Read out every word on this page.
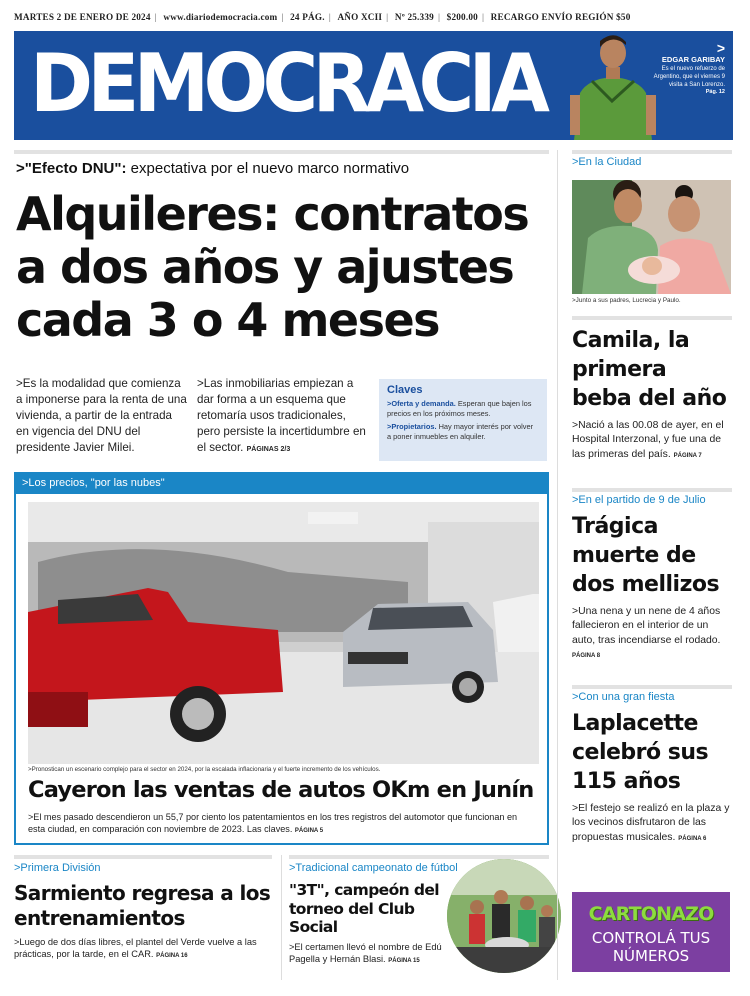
MARTES 2 DE ENERO DE 2024 | www.diariodemocracia.com | 24 PÁG. | AÑO XCII | Nº 25.339 | $200.00 | RECARGO ENVÍO REGIÓN $50
DEMOCRACIA	>
EDGAR GARIBAY
Es el nuevo refuerzo de Argentino, que el viernes 9 visita a San Lorenzo.
Pág. 12
>"Efecto DNU": expectativa por el nuevo marco normativo
Alquileres: contratos a dos años y ajustes cada 3 o 4 meses
>Es la modalidad que comienza a imponerse para la renta de una vivienda, a partir de la entrada en vigencia del DNU del presidente Javier Milei.
>Las inmobiliarias empiezan a dar forma a un esquema que retomaría usos tradicionales, pero persiste la incertidumbre en el sector. PÁGINAS 2/3
Claves

>Oferta y demanda. Esperan que bajen los precios en los próximos meses.

>Propietarios. Hay mayor interés por volver a poner inmuebles en alquiler.

>Los precios, "por las nubes"
>Pronostican un escenario complejo para el sector en 2024, por la escalada inflacionaria y el fuerte incremento de los vehículos.
Cayeron las ventas de autos OKm en Junín
>El mes pasado descendieron un 55,7 por ciento los patentamientos en los tres registros del automotor que funcionan en esta ciudad, en comparación con noviembre de 2023. Las claves. PÁGINA 5
>Primera División
Sarmiento regresa a los entrenamientos
>Luego de dos días libres, el plantel del Verde vuelve a las prácticas, por la tarde, en el CAR. PÁGINA 16
>Tradicional campeonato de fútbol
"3T", campeón del torneo del Club Social
>El certamen llevó el nombre de Edú Pagella y Hernán Blasi. PÁGINA 15
>En la Ciudad
>Junto a sus padres, Lucrecia y Paulo.
Camila, la primera beba del año
>Nació a las 00.08 de ayer, en el Hospital Interzonal, y fue una de las primeras del país. PÁGINA 7
>En el partido de 9 de Julio
Trágica muerte de dos mellizos
>Una nena y un nene de 4 años fallecieron en el interior de un auto, tras incendiarse el rodado. PÁGINA 8
>Con una gran fiesta
Laplacette celebró sus 115 años
>El festejo se realizó en la plaza y los vecinos disfrutaron de las propuestas musicales. PÁGINA 6
CARTONAZO
CONTROLÁ TUS NÚMEROS
